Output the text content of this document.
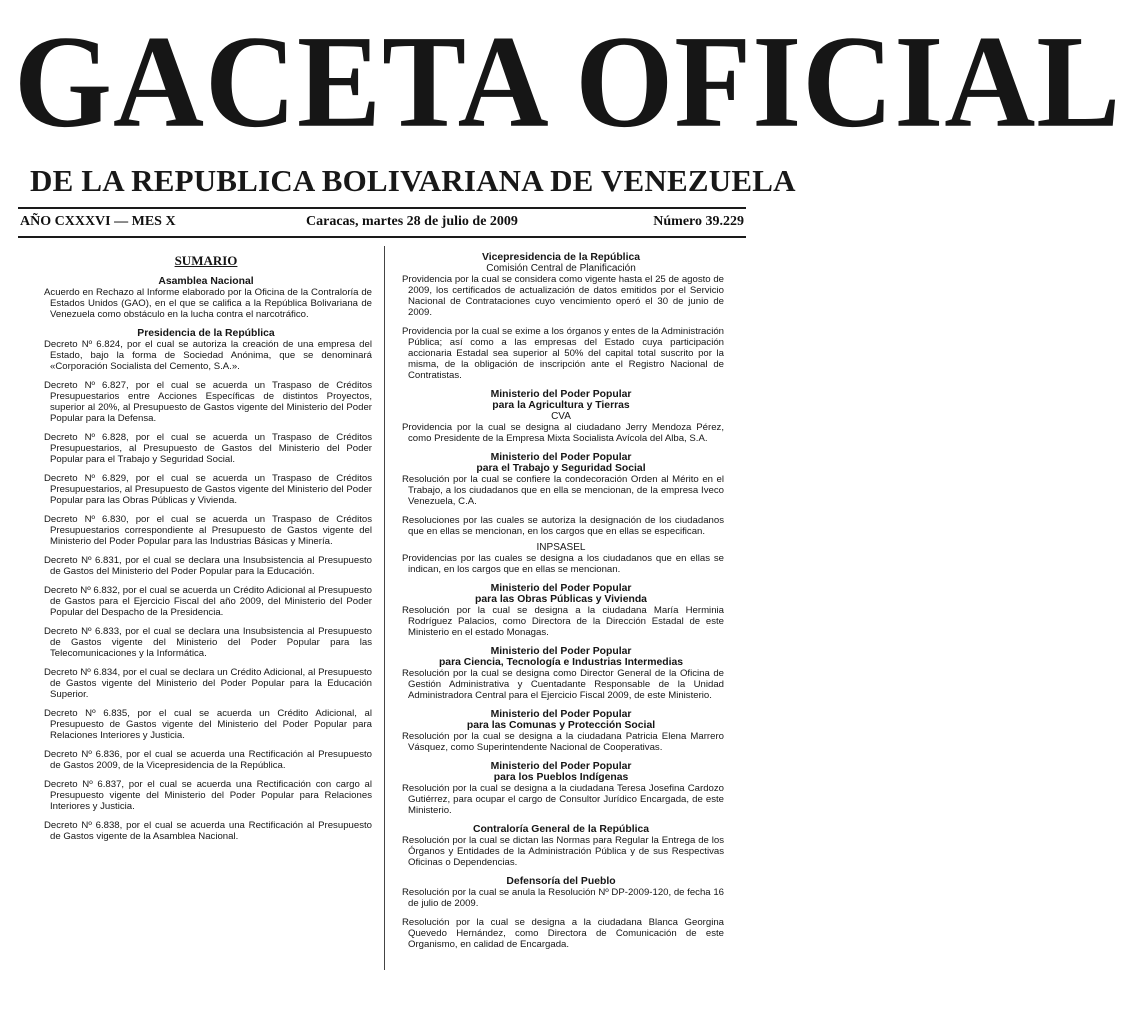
GACETA OFICIAL
DE LA REPUBLICA BOLIVARIANA DE VENEZUELA
AÑO CXXXVI — MES X	Caracas, martes 28 de julio de 2009	Número 39.229
SUMARIO
Asamblea Nacional

Acuerdo en Rechazo al Informe elaborado por la Oficina de la Contraloría de Estados Unidos (GAO), en el que se califica a la República Bolivariana de Venezuela como obstáculo en la lucha contra el narcotráfico.

Presidencia de la República

Decreto Nº 6.824, por el cual se autoriza la creación de una empresa del Estado, bajo la forma de Sociedad Anónima, que se denominará «Corporación Socialista del Cemento, S.A.».

Decreto Nº 6.827, por el cual se acuerda un Traspaso de Créditos Presupuestarios entre Acciones Específicas de distintos Proyectos, superior al 20%, al Presupuesto de Gastos vigente del Ministerio del Poder Popular para la Defensa.

Decreto Nº 6.828, por el cual se acuerda un Traspaso de Créditos Presupuestarios, al Presupuesto de Gastos del Ministerio del Poder Popular para el Trabajo y Seguridad Social.

Decreto Nº 6.829, por el cual se acuerda un Traspaso de Créditos Presupuestarios, al Presupuesto de Gastos vigente del Ministerio del Poder Popular para las Obras Públicas y Vivienda.

Decreto Nº 6.830, por el cual se acuerda un Traspaso de Créditos Presupuestarios correspondiente al Presupuesto de Gastos vigente del Ministerio del Poder Popular para las Industrias Básicas y Minería.

Decreto Nº 6.831, por el cual se declara una Insubsistencia al Presupuesto de Gastos del Ministerio del Poder Popular para la Educación.

Decreto Nº 6.832, por el cual se acuerda un Crédito Adicional al Presupuesto de Gastos para el Ejercicio Fiscal del año 2009, del Ministerio del Poder Popular del Despacho de la Presidencia.

Decreto Nº 6.833, por el cual se declara una Insubsistencia al Presupuesto de Gastos vigente del Ministerio del Poder Popular para las Telecomunicaciones y la Informática.

Decreto Nº 6.834, por el cual se declara un Crédito Adicional, al Presupuesto de Gastos vigente del Ministerio del Poder Popular para la Educación Superior.

Decreto Nº 6.835, por el cual se acuerda un Crédito Adicional, al Presupuesto de Gastos vigente del Ministerio del Poder Popular para Relaciones Interiores y Justicia.

Decreto Nº 6.836, por el cual se acuerda una Rectificación al Presupuesto de Gastos 2009, de la Vicepresidencia de la República.

Decreto Nº 6.837, por el cual se acuerda una Rectificación con cargo al Presupuesto vigente del Ministerio del Poder Popular para Relaciones Interiores y Justicia.

Decreto Nº 6.838, por el cual se acuerda una Rectificación al Presupuesto de Gastos vigente de la Asamblea Nacional.

Vicepresidencia de la República
Comisión Central de Planificación

Providencia por la cual se considera como vigente hasta el 25 de agosto de 2009, los certificados de actualización de datos emitidos por el Servicio Nacional de Contrataciones cuyo vencimiento operó el 30 de junio de 2009.

Providencia por la cual se exime a los órganos y entes de la Administración Pública; así como a las empresas del Estado cuya participación accionaria Estadal sea superior al 50% del capital total suscrito por la misma, de la obligación de inscripción ante el Registro Nacional de Contratistas.

Ministerio del Poder Popular
para la Agricultura y Tierras
CVA

Providencia por la cual se designa al ciudadano Jerry Mendoza Pérez, como Presidente de la Empresa Mixta Socialista Avícola del Alba, S.A.

Ministerio del Poder Popular
para el Trabajo y Seguridad Social

Resolución por la cual se confiere la condecoración Orden al Mérito en el Trabajo, a los ciudadanos que en ella se mencionan, de la empresa Iveco Venezuela, C.A.

Resoluciones por las cuales se autoriza la designación de los ciudadanos que en ellas se mencionan, en los cargos que en ellas se especifican.

INPSASEL

Providencias por las cuales se designa a los ciudadanos que en ellas se indican, en los cargos que en ellas se mencionan.

Ministerio del Poder Popular
para las Obras Públicas y Vivienda

Resolución por la cual se designa a la ciudadana María Herminia Rodríguez Palacios, como Directora de la Dirección Estadal de este Ministerio en el estado Monagas.

Ministerio del Poder Popular
para Ciencia, Tecnología e Industrias Intermedias

Resolución por la cual se designa como Director General de la Oficina de Gestión Administrativa y Cuentadante Responsable de la Unidad Administradora Central para el Ejercicio Fiscal 2009, de este Ministerio.

Ministerio del Poder Popular
para las Comunas y Protección Social

Resolución por la cual se designa a la ciudadana Patricia Elena Marrero Vásquez, como Superintendente Nacional de Cooperativas.

Ministerio del Poder Popular
para los Pueblos Indígenas

Resolución por la cual se designa a la ciudadana Teresa Josefina Cardozo Gutiérrez, para ocupar el cargo de Consultor Jurídico Encargada, de este Ministerio.

Contraloría General de la República

Resolución por la cual se dictan las Normas para Regular la Entrega de los Órganos y Entidades de la Administración Pública y de sus Respectivas Oficinas o Dependencias.

Defensoría del Pueblo

Resolución por la cual se anula la Resolución Nº DP-2009-120, de fecha 16 de julio de 2009.

Resolución por la cual se designa a la ciudadana Blanca Georgina Quevedo Hernández, como Directora de Comunicación de este Organismo, en calidad de Encargada.
